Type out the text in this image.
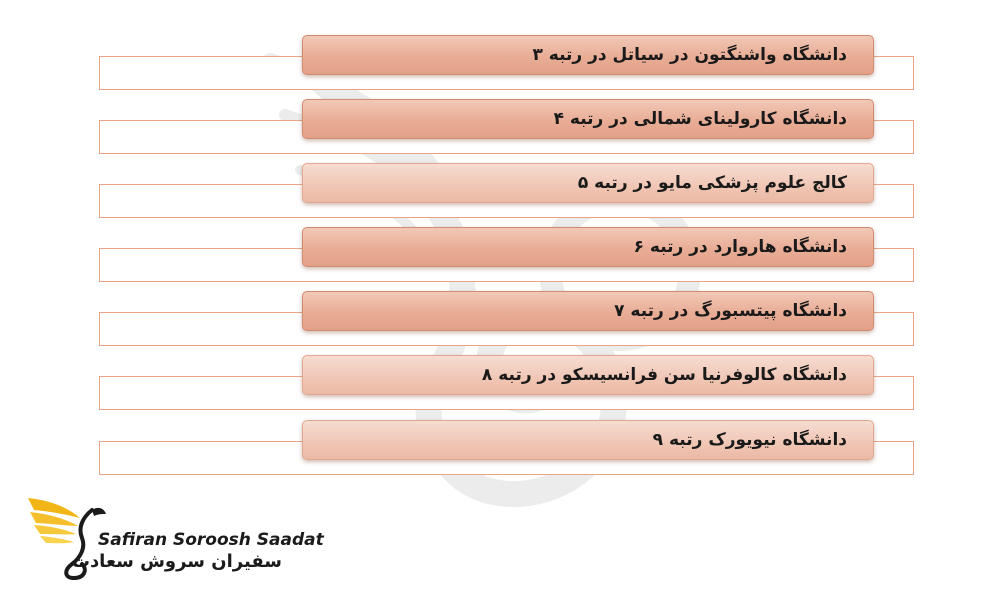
دانشگاه واشنگتون در سیاتل در رتبه ۳
دانشگاه کارولینای شمالی در رتبه ۴
کالج علوم پزشکی مایو در رتبه ۵
دانشگاه هاروارد در رتبه ۶
دانشگاه پیتسبورگ در رتبه ۷
دانشگاه کالوفرنیا سن فرانسیسکو در رتبه ۸
دانشگاه نیویورک رتبه ۹
Safiran Soroosh Saadat
سفیران سروش سعادت
